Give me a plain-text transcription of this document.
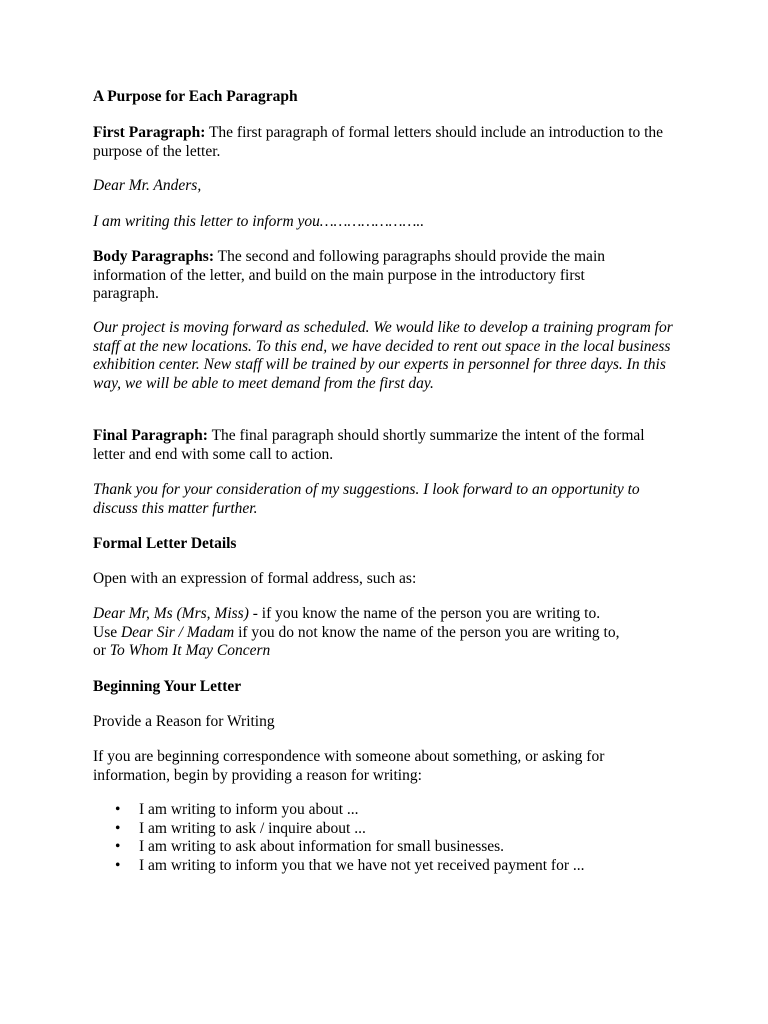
A Purpose for Each Paragraph

First Paragraph: The first paragraph of formal letters should include an introduction to the purpose of the letter.

Dear Mr. Anders,

I am writing this letter to inform you…………………..

Body Paragraphs: The second and following paragraphs should provide the main information of the letter, and build on the main purpose in the introductory first paragraph.

Our project is moving forward as scheduled. We would like to develop a training program for staff at the new locations. To this end, we have decided to rent out space in the local business exhibition center. New staff will be trained by our experts in personnel for three days. In this way, we will be able to meet demand from the first day.

Final Paragraph: The final paragraph should shortly summarize the intent of the formal letter and end with some call to action.

Thank you for your consideration of my suggestions. I look forward to an opportunity to discuss this matter further.

Formal Letter Details

Open with an expression of formal address, such as:

Dear Mr, Ms (Mrs, Miss) - if you know the name of the person you are writing to.
Use Dear Sir / Madam if you do not know the name of the person you are writing to,
or To Whom It May Concern

Beginning Your Letter

Provide a Reason for Writing

If you are beginning correspondence with someone about something, or asking for information, begin by providing a reason for writing:

• I am writing to inform you about ...
• I am writing to ask / inquire about ...
• I am writing to ask about information for small businesses.
• I am writing to inform you that we have not yet received payment for ...
